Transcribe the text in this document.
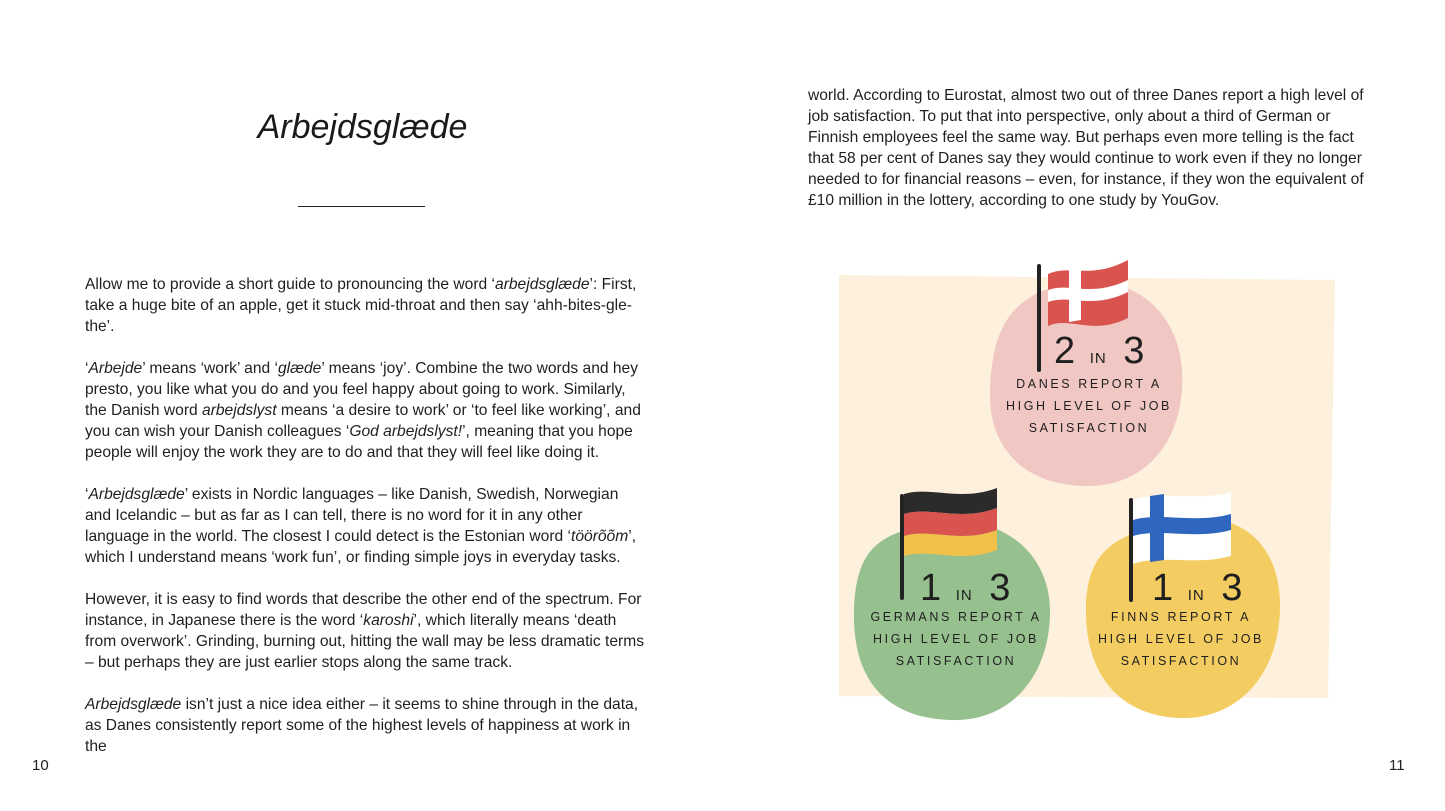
Arbejdsglæde

Allow me to provide a short guide to pronouncing the word ‘arbejdsglæde’: First, take a huge bite of an apple, get it stuck mid-throat and then say ‘ahh-bites-gle-the’.

‘Arbejde’ means ‘work’ and ‘glæde’ means ‘joy’. Combine the two words and hey presto, you like what you do and you feel happy about going to work. Similarly, the Danish word arbejdslyst means ‘a desire to work’ or ‘to feel like working’, and you can wish your Danish colleagues ‘God arbejdslyst!’, meaning that you hope people will enjoy the work they are to do and that they will feel like doing it.

‘Arbejdsglæde’ exists in Nordic languages – like Danish, Swedish, Norwegian and Icelandic – but as far as I can tell, there is no word for it in any other language in the world. The closest I could detect is the Estonian word ‘töörõõm’, which I understand means ‘work fun’, or finding simple joys in everyday tasks.

However, it is easy to find words that describe the other end of the spectrum. For instance, in Japanese there is the word ‘karoshi’, which literally means ‘death from overwork’. Grinding, burning out, hitting the wall may be less dramatic terms – but perhaps they are just earlier stops along the same track.

Arbejdsglæde isn’t just a nice idea either – it seems to shine through in the data, as Danes consistently report some of the highest levels of happiness at work in the

world. According to Eurostat, almost two out of three Danes report a high level of job satisfaction. To put that into perspective, only about a third of German or Finnish employees feel the same way. But perhaps even more telling is the fact that 58 per cent of Danes say they would continue to work even if they no longer needed to for financial reasons – even, for instance, if they won the equivalent of £10 million in the lottery, according to one study by YouGov.

2 IN 3
DANES REPORT A
HIGH LEVEL OF JOB
SATISFACTION
1 IN 3
GERMANS REPORT A
HIGH LEVEL OF JOB
SATISFACTION
1 IN 3
FINNS REPORT A
HIGH LEVEL OF JOB
SATISFACTION
10	11
